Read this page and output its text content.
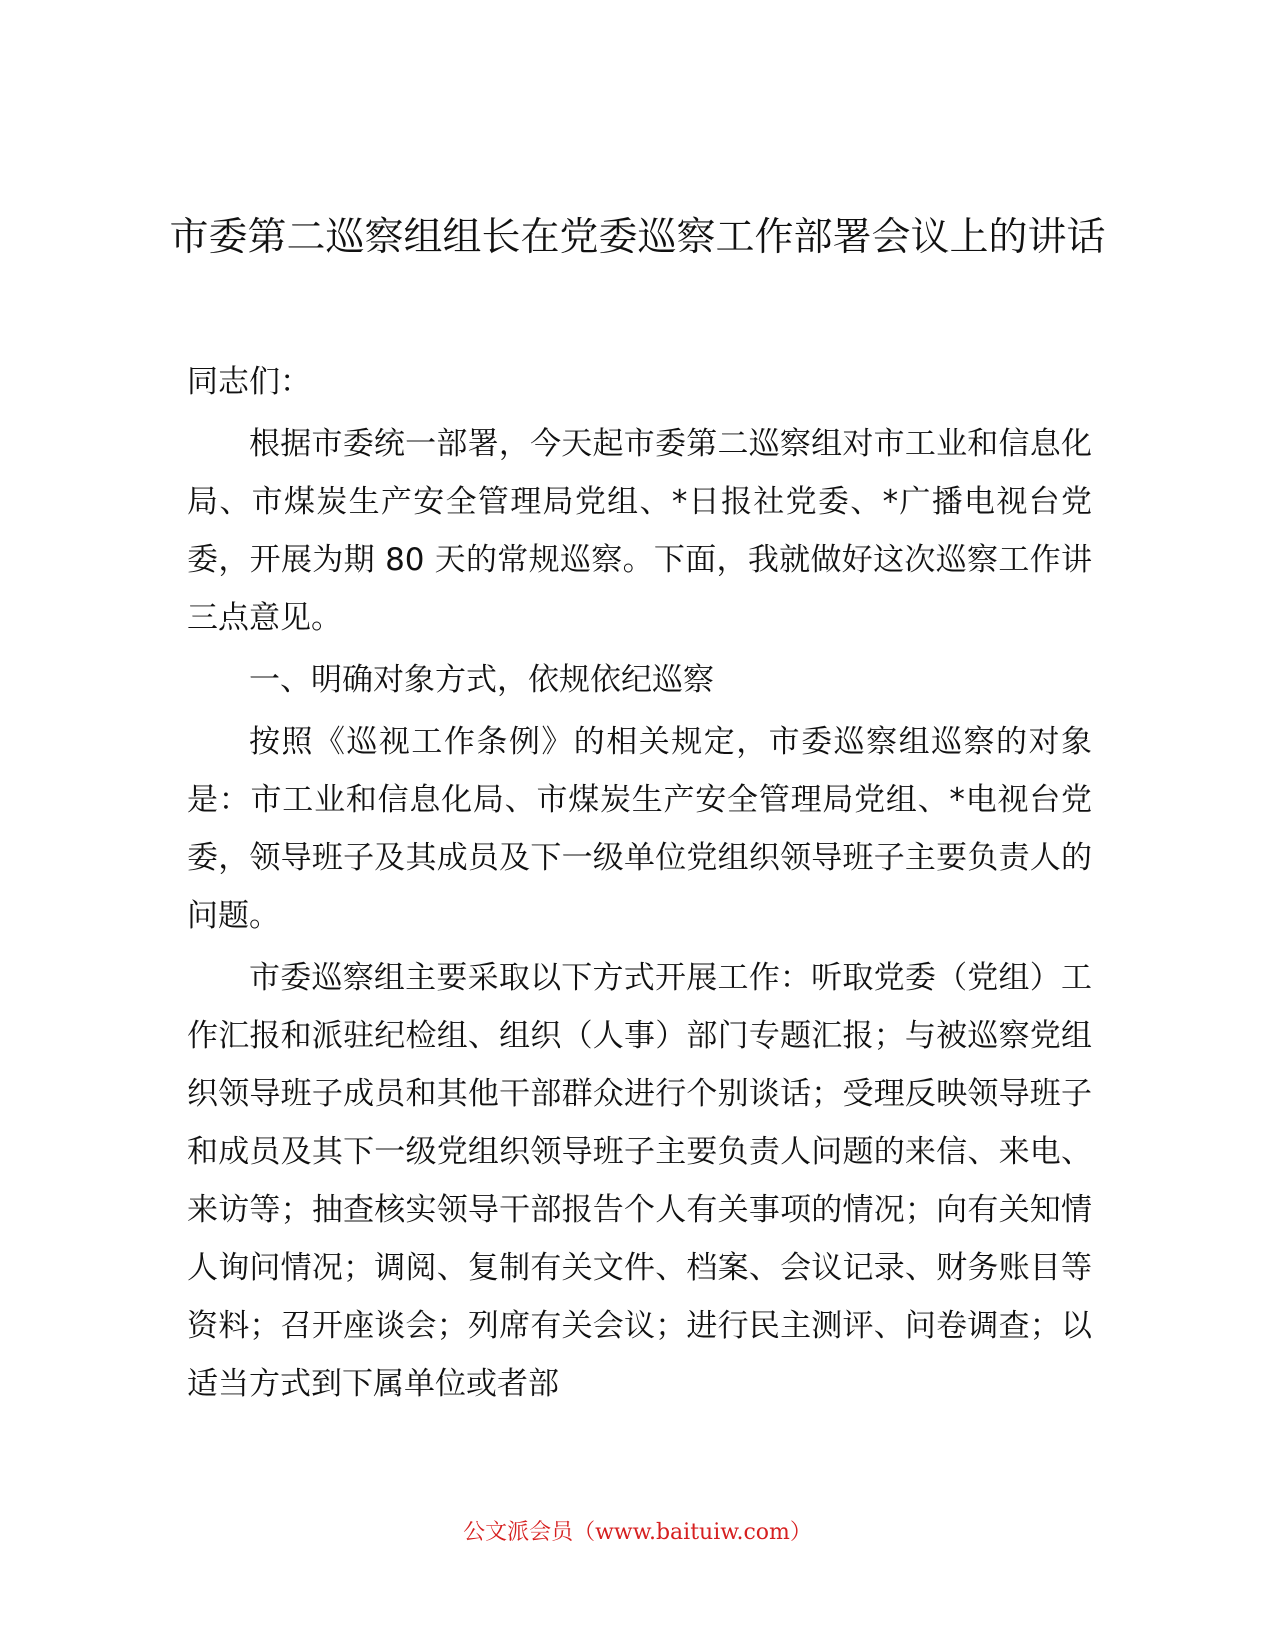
市委第二巡察组组长在党委巡察工作部署会议上的讲话

同志们：

根据市委统一部署，今天起市委第二巡察组对市工业和信息化局、市煤炭生产安全管理局党组、*日报社党委、*广播电视台党委，开展为期 80 天的常规巡察。下面，我就做好这次巡察工作讲三点意见。

一、明确对象方式，依规依纪巡察

按照《巡视工作条例》的相关规定，市委巡察组巡察的对象是：市工业和信息化局、市煤炭生产安全管理局党组、*电视台党委，领导班子及其成员及下一级单位党组织领导班子主要负责人的问题。

市委巡察组主要采取以下方式开展工作：听取党委（党组）工作汇报和派驻纪检组、组织（人事）部门专题汇报；与被巡察党组织领导班子成员和其他干部群众进行个别谈话；受理反映领导班子和成员及其下一级党组织领导班子主要负责人问题的来信、来电、来访等；抽查核实领导干部报告个人有关事项的情况；向有关知情人询问情况；调阅、复制有关文件、档案、会议记录、财务账目等资料；召开座谈会；列席有关会议；进行民主测评、问卷调查；以适当方式到下属单位或者部

公文派会员（www.baituiw.com）
